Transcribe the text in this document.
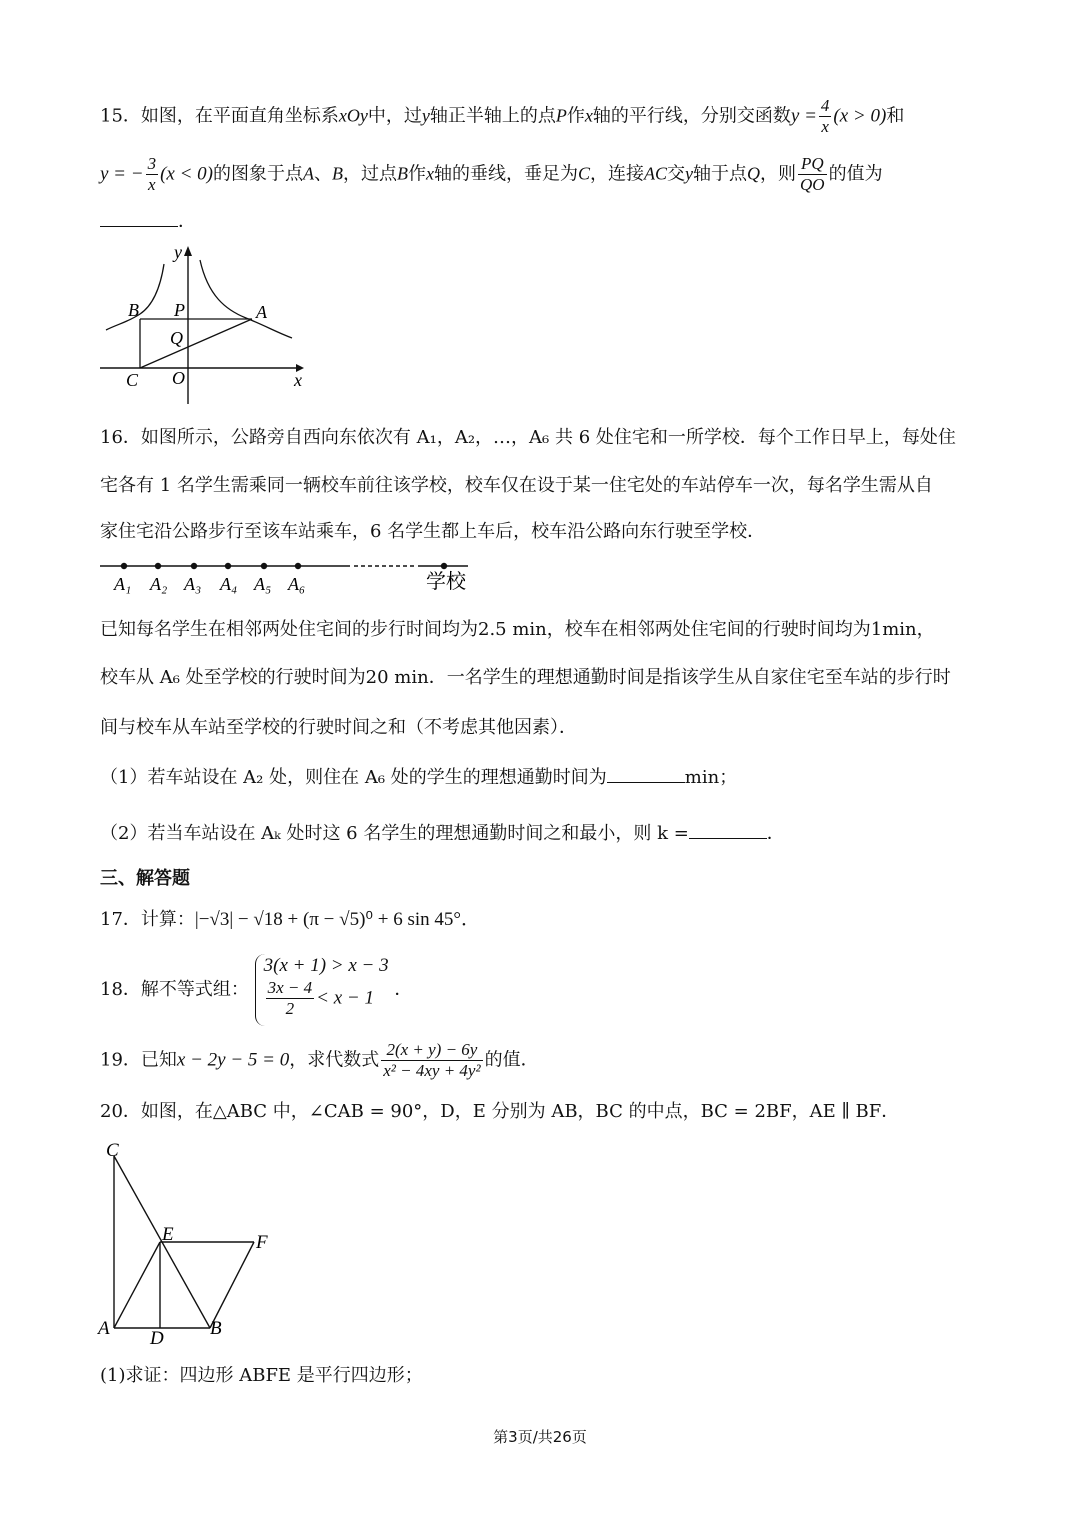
15．如图，在平面直角坐标系xOy中，过y轴正半轴上的点P作x轴的平行线，分别交函数$y = \frac{4}{x} (x > 0)$和
y = − $\frac{3}{x} (x < 0)$的图象于点A、B，过点B作x轴的垂线，垂足为C，连接AC交y轴于点Q，则 $\frac{PQ}{QO}$ 的值为
．
y
x
B P	A
Q
C O
16．如图所示，公路旁自西向东依次有 A₁，A₂，…，A₆ 共 6 处住宅和一所学校．每个工作日早上，每处住
宅各有 1 名学生需乘同一辆校车前往该学校，校车仅在设于某一住宅处的车站停车一次，每名学生需从自
家住宅沿公路步行至该车站乘车，6 名学生都上车后，校车沿公路向东行驶至学校．
A₁ A₂ A₃ A₄ A₅ A₆	学校
已知每名学生在相邻两处住宅间的步行时间均为2.5 min，校车在相邻两处住宅间的行驶时间均为1min，
校车从 A₆ 处至学校的行驶时间为20 min．一名学生的理想通勤时间是指该学生从自家住宅至车站的步行时
间与校车从车站至学校的行驶时间之和（不考虑其他因素）．
（1）若车站设在 A₂ 处，则住在 A₆ 处的学生的理想通勤时间为	min；
（2）若当车站设在 Aₖ 处时这 6 名学生的理想通勤时间之和最小，则 k =	．
三、解答题
17．计算：|−√3| − √18 + (π − √5)⁰ + 6 sin 45°．
18．解不等式组：
3(x + 1) > x − 3
$\frac{3x - 4}{2} < x - 1$	．
19．已知x − 2y − 5 = 0，求代数式 $\frac{2(x + y) - 6y}{\text{x² − 4xy + 4y²}}$ 的值．
20．如图，在△ABC 中，∠CAB = 90°，D，E 分别为 AB，BC 的中点，BC = 2BF，AE ∥ BF．
C
E	F
A D B
(1)求证：四边形 ABFE 是平行四边形；
第3页/共26页
